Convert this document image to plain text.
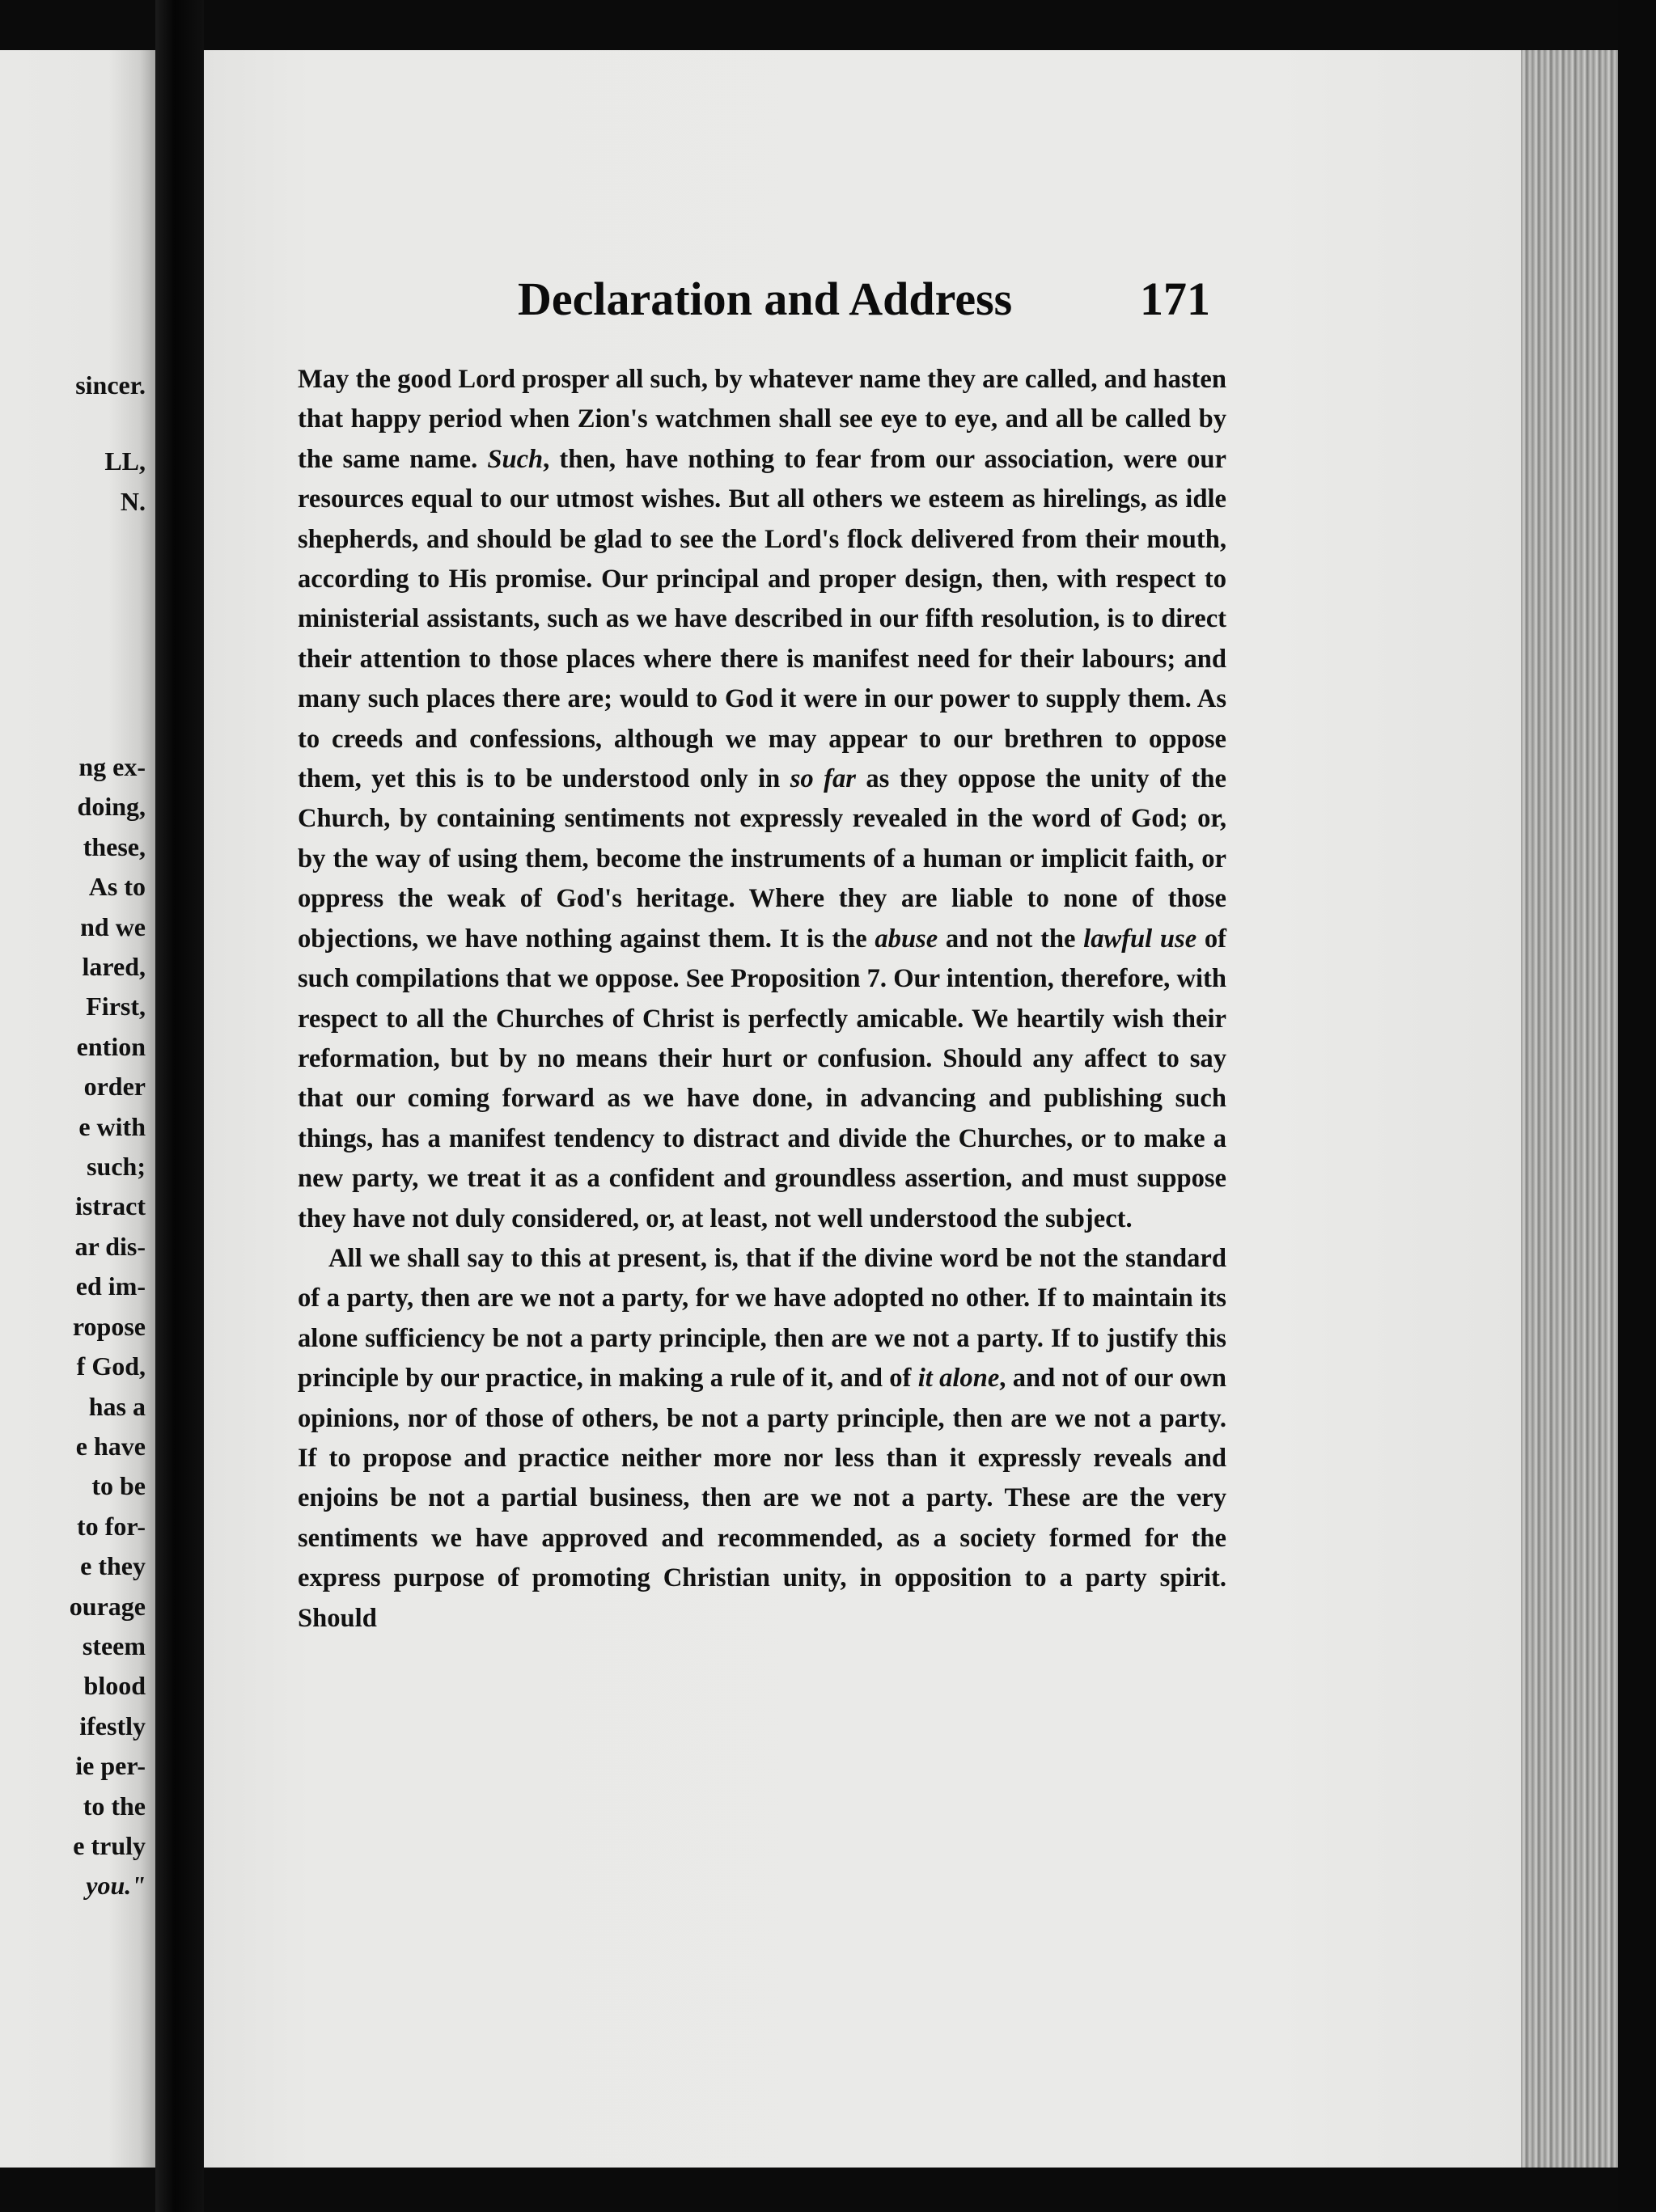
sincer.
LL,
N.
ng ex-
doing,
these,
As to
nd we
lared,
First,
ention
order
e with
such;
istract
ar dis-
ed im-
ropose
f God,
has a
e have
to be
to for-
e they
ourage
steem
blood
ifestly
ie per-
to the
e truly
you."
Declaration and Address	171

May the good Lord prosper all such, by whatever name they are called, and hasten that happy period when Zion's watchmen shall see eye to eye, and all be called by the same name. Such, then, have nothing to fear from our association, were our resources equal to our utmost wishes. But all others we esteem as hirelings, as idle shepherds, and should be glad to see the Lord's flock delivered from their mouth, according to His promise. Our principal and proper design, then, with respect to ministerial assistants, such as we have described in our fifth resolution, is to direct their attention to those places where there is manifest need for their labours; and many such places there are; would to God it were in our power to supply them. As to creeds and confessions, although we may appear to our brethren to oppose them, yet this is to be understood only in so far as they oppose the unity of the Church, by containing sentiments not expressly revealed in the word of God; or, by the way of using them, become the instruments of a human or implicit faith, or oppress the weak of God's heritage. Where they are liable to none of those objections, we have nothing against them. It is the abuse and not the lawful use of such compilations that we oppose. See Proposition 7. Our intention, therefore, with respect to all the Churches of Christ is perfectly amicable. We heartily wish their reformation, but by no means their hurt or confusion. Should any affect to say that our coming forward as we have done, in advancing and publishing such things, has a manifest tendency to distract and divide the Churches, or to make a new party, we treat it as a confident and groundless assertion, and must suppose they have not duly considered, or, at least, not well understood the subject.

All we shall say to this at present, is, that if the divine word be not the standard of a party, then are we not a party, for we have adopted no other. If to maintain its alone sufficiency be not a party principle, then are we not a party. If to justify this principle by our practice, in making a rule of it, and of it alone, and not of our own opinions, nor of those of others, be not a party principle, then are we not a party. If to propose and practice neither more nor less than it expressly reveals and enjoins be not a partial business, then are we not a party. These are the very sentiments we have approved and recommended, as a society formed for the express purpose of promoting Christian unity, in opposition to a party spirit. Should
